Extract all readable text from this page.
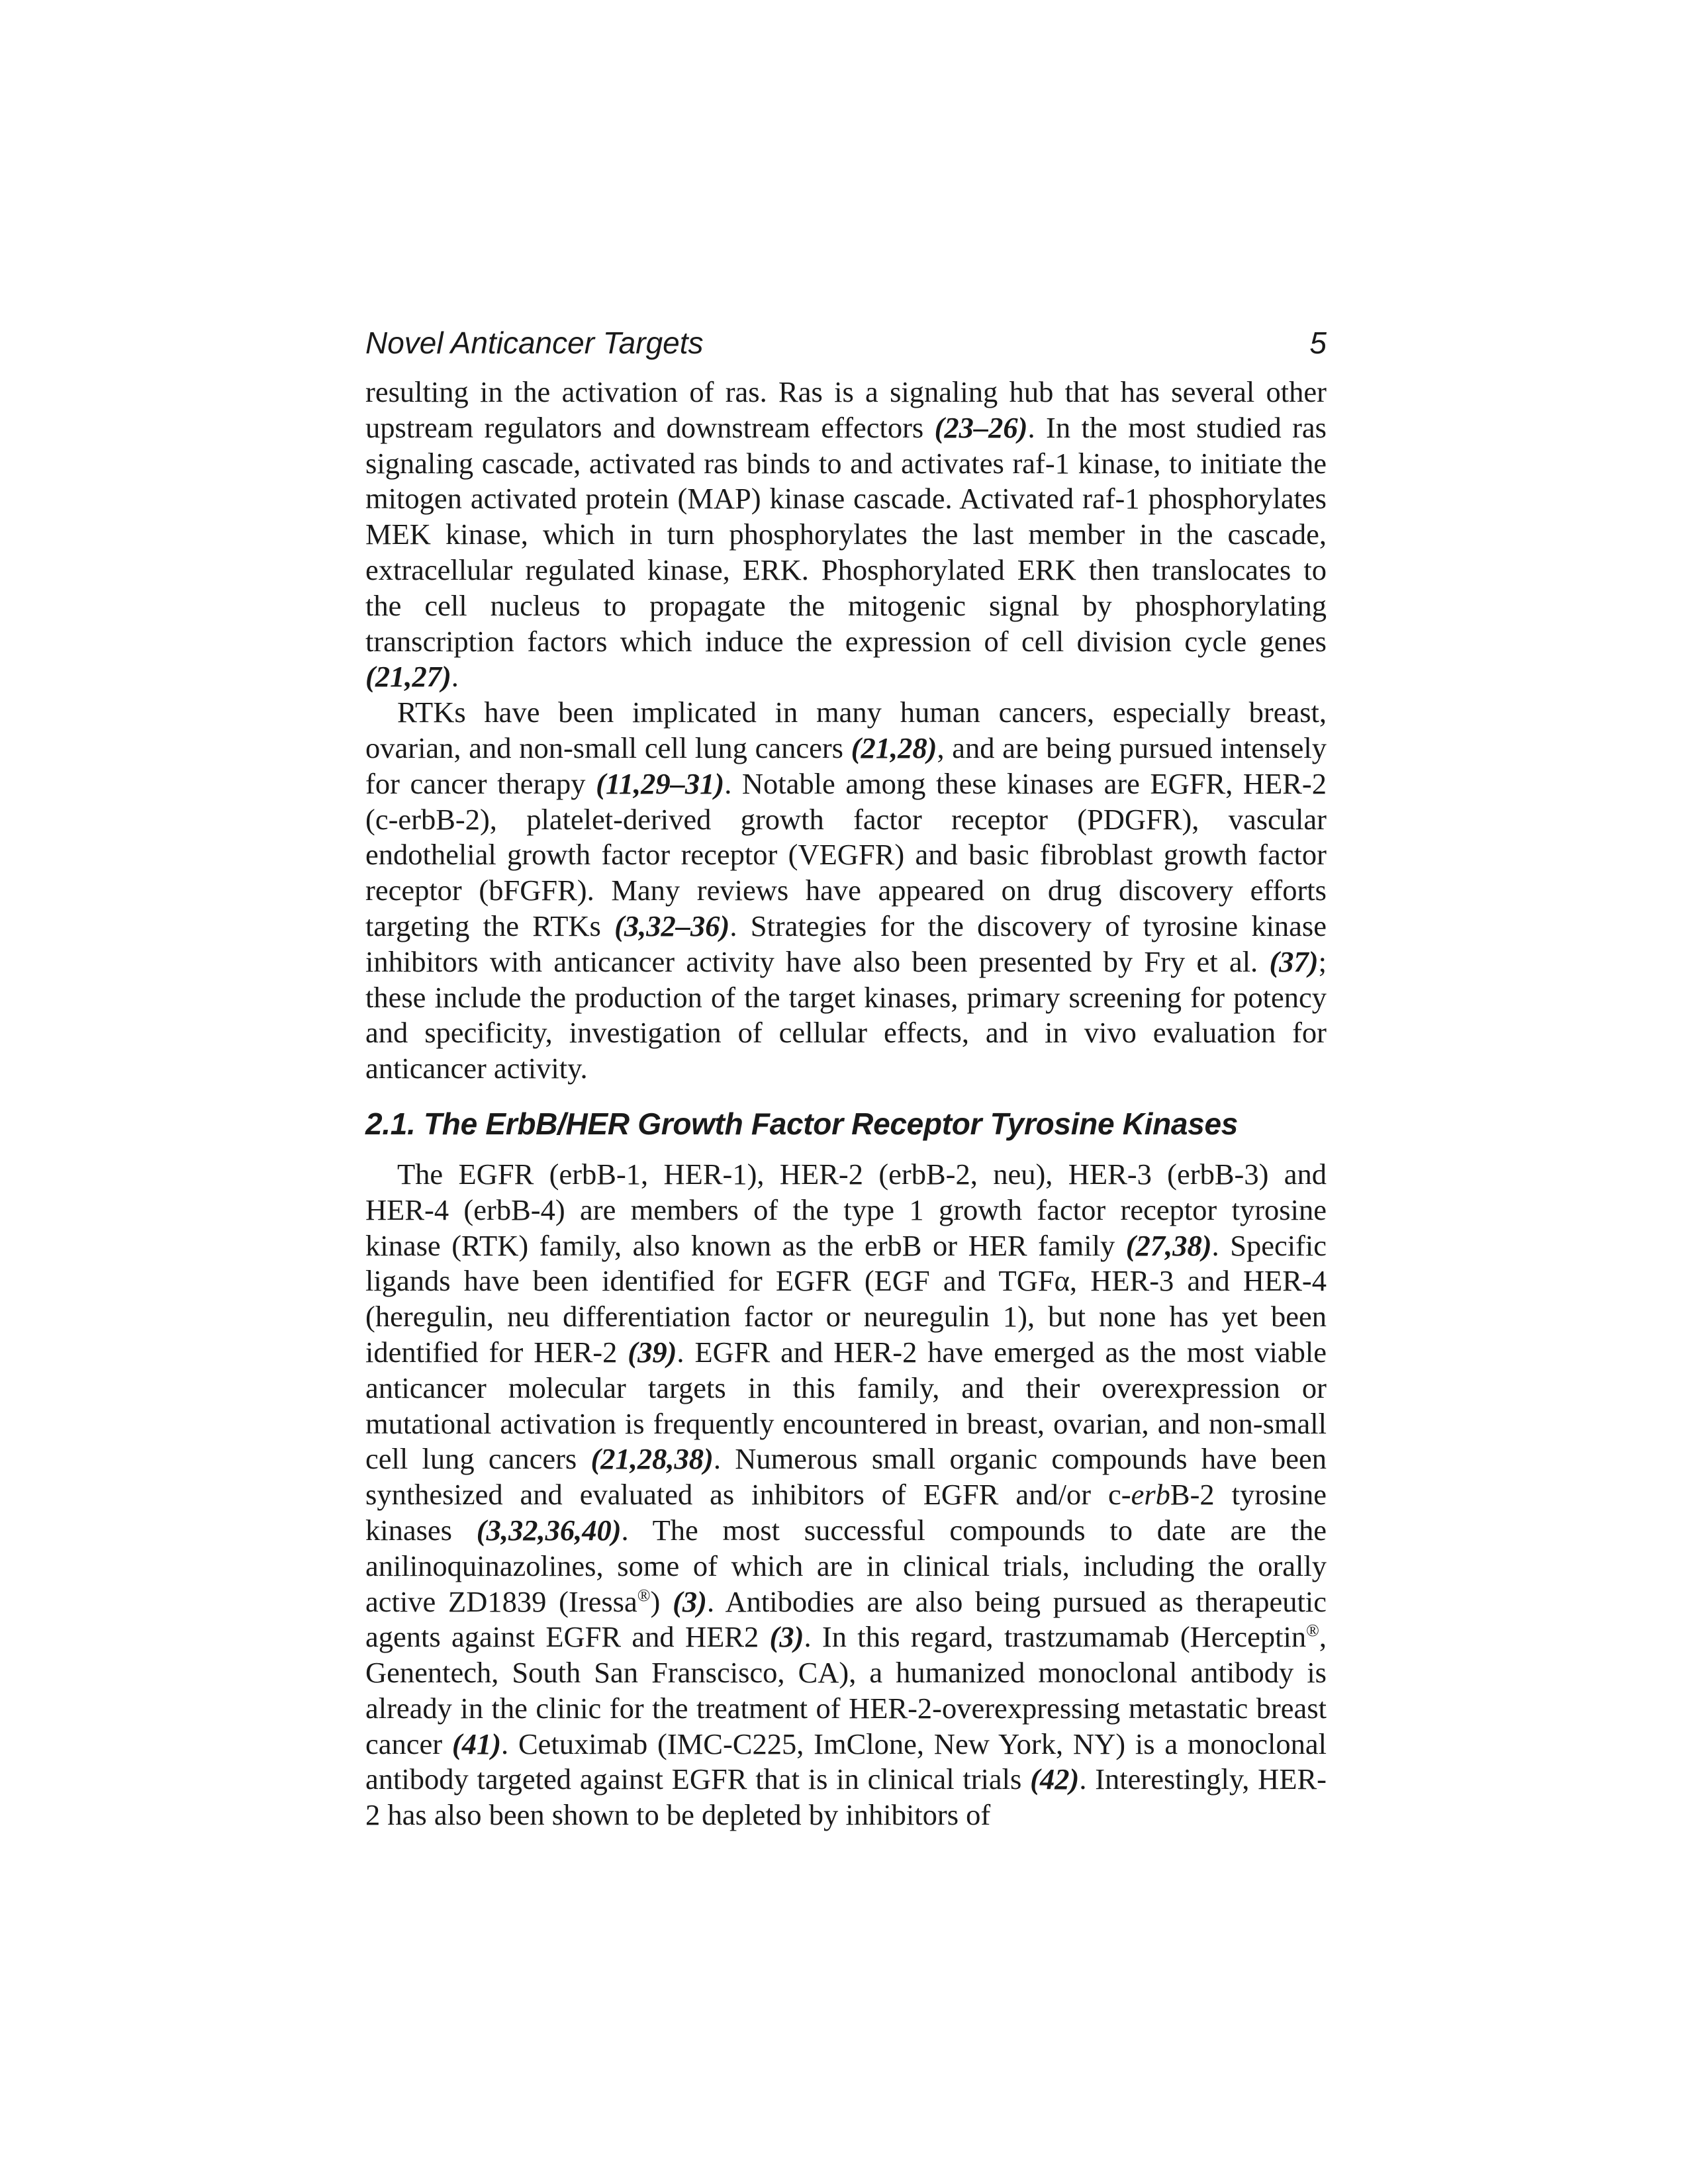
Novel Anticancer Targets	5

resulting in the activation of ras. Ras is a signaling hub that has several other upstream regulators and downstream effectors (23–26). In the most studied ras signaling cascade, activated ras binds to and activates raf-1 kinase, to initiate the mitogen activated protein (MAP) kinase cascade. Activated raf-1 phosphorylates MEK kinase, which in turn phosphorylates the last member in the cascade, extracellular regulated kinase, ERK. Phosphorylated ERK then translocates to the cell nucleus to propagate the mitogenic signal by phosphorylating transcription factors which induce the expression of cell division cycle genes (21,27).

RTKs have been implicated in many human cancers, especially breast, ovarian, and non-small cell lung cancers (21,28), and are being pursued intensely for cancer therapy (11,29–31). Notable among these kinases are EGFR, HER-2 (c-erbB-2), platelet-derived growth factor receptor (PDGFR), vascular endothelial growth factor receptor (VEGFR) and basic fibroblast growth factor receptor (bFGFR). Many reviews have appeared on drug discovery efforts targeting the RTKs (3,32–36). Strategies for the discovery of tyrosine kinase inhibitors with anticancer activity have also been presented by Fry et al. (37); these include the production of the target kinases, primary screening for potency and specificity, investigation of cellular effects, and in vivo evaluation for anticancer activity.

2.1. The ErbB/HER Growth Factor Receptor Tyrosine Kinases

The EGFR (erbB-1, HER-1), HER-2 (erbB-2, neu), HER-3 (erbB-3) and HER-4 (erbB-4) are members of the type 1 growth factor receptor tyrosine kinase (RTK) family, also known as the erbB or HER family (27,38). Specific ligands have been identified for EGFR (EGF and TGFα, HER-3 and HER-4 (heregulin, neu differentiation factor or neuregulin 1), but none has yet been identified for HER-2 (39). EGFR and HER-2 have emerged as the most viable anticancer molecular targets in this family, and their overexpression or mutational activation is frequently encountered in breast, ovarian, and non-small cell lung cancers (21,28,38). Numerous small organic compounds have been synthesized and evaluated as inhibitors of EGFR and/or c-erbB-2 tyrosine kinases (3,32,36,40). The most successful compounds to date are the anilinoquinazolines, some of which are in clinical trials, including the orally active ZD1839 (Iressa®) (3). Antibodies are also being pursued as therapeutic agents against EGFR and HER2 (3). In this regard, trastzumamab (Herceptin®, Genentech, South San Franscisco, CA), a humanized monoclonal antibody is already in the clinic for the treatment of HER-2-overexpressing metastatic breast cancer (41). Cetuximab (IMC-C225, ImClone, New York, NY) is a monoclonal antibody targeted against EGFR that is in clinical trials (42). Interestingly, HER-2 has also been shown to be depleted by inhibitors of
